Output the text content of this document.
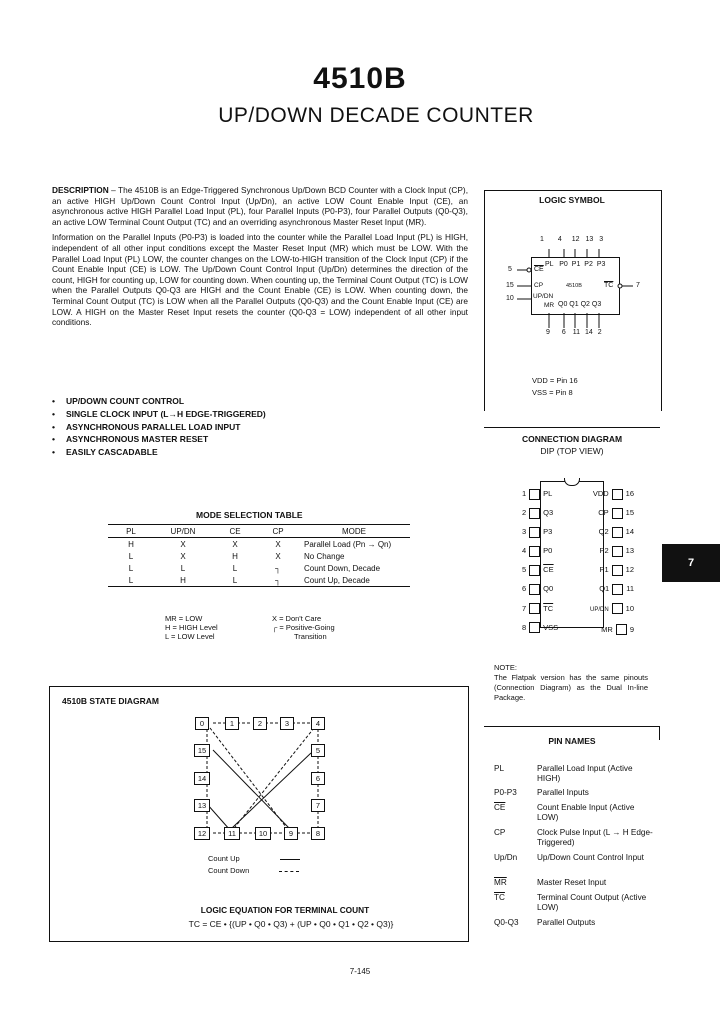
4510B
UP/DOWN DECADE COUNTER

DESCRIPTION – The 4510B is an Edge-Triggered Synchronous Up/Down BCD Counter with a Clock Input (CP), an active HIGH Up/Down Count Control Input (Up/Dn), an active LOW Count Enable Input (CE), an asynchronous active HIGH Parallel Load Input (PL), four Parallel Inputs (P0-P3), four Parallel Outputs (Q0-Q3), an active LOW Terminal Count Output (TC) and an overriding asynchronous Master Reset Input (MR).

Information on the Parallel Inputs (P0-P3) is loaded into the counter while the Parallel Load Input (PL) is HIGH, independent of all other input conditions except the Master Reset Input (MR) which must be LOW. With the Parallel Load Input (PL) LOW, the counter changes on the LOW-to-HIGH transition of the Clock Input (CP) if the Count Enable Input (CE) is LOW. The Up/Down Count Control Input (Up/Dn) determines the direction of the count, HIGH for counting up, LOW for counting down. When counting up, the Terminal Count Output (TC) is LOW when the Parallel Outputs Q0-Q3 are HIGH and the Count Enable (CE) is LOW. When counting down, the Terminal Count Output (TC) is LOW when all the Parallel Outputs (Q0-Q3) and the Count Enable Input (CE) are LOW. A HIGH on the Master Reset Input resets the counter (Q0-Q3 = LOW) independent of all other input conditions.

• UP/DOWN COUNT CONTROL
• SINGLE CLOCK INPUT (L→H EDGE-TRIGGERED)
• ASYNCHRONOUS PARALLEL LOAD INPUT
• ASYNCHRONOUS MASTER RESET
• EASILY CASCADABLE
MODE SELECTION TABLE
PL	UP/DN	CE	CP	MODE
H	X	X	X	Parallel Load (Pn → Qn)
L	X	H	X	No Change
L	L	L	┐	Count Down, Decade
L	H	L	┐	Count Up, Decade
MR = LOW
H = HIGH Level
L = LOW Level
X = Don't Care
┌ = Positive-Going
Transition
4510B STATE DIAGRAM
0	1	2	3	4
5
6
7
8
9
10
11
12
13
14
15
Count Up
Count Down
LOGIC EQUATION FOR TERMINAL COUNT
TC = CE • {(UP • Q0 • Q3) + (UP • Q0 • Q1 • Q2 • Q3)}
LOGIC SYMBOL
1 4 12 13 3
PL P0 P1 P2 P3
5
15
10
$\overline{CE}$
CP
UP/DN
MR
4510B	$\overline{TC}$	7
Q0 Q1 Q2 Q3
9 6 11 14 2
VDD = Pin 16
VSS = Pin 8
CONNECTION DIAGRAM
DIP (TOP VIEW)
1 PL
2 Q3
3 P3
4 P0
5 $\overline{CE}$
6 Q0
7 $\overline{TC}$
8 VSS
VDD 16
CP 15
Q2 14
P2 13
P1 12
Q1 11
UP/DN 10
MR 9
NOTE:
The Flatpak version has the same pinouts (Connection Diagram) as the Dual In-line Package.
PIN NAMES
PL	Parallel Load Input (Active HIGH)
P0-P3 Parallel Inputs
$\overline{CE}$	Count Enable Input (Active LOW)
CP	Clock Pulse Input (L → H Edge-Triggered)
Up/Dn Up/Down Count Control Input
$\overline{MR}$	Master Reset Input
$\overline{TC}$	Terminal Count Output (Active LOW)
Q0-Q3 Parallel Outputs
7
7-145
